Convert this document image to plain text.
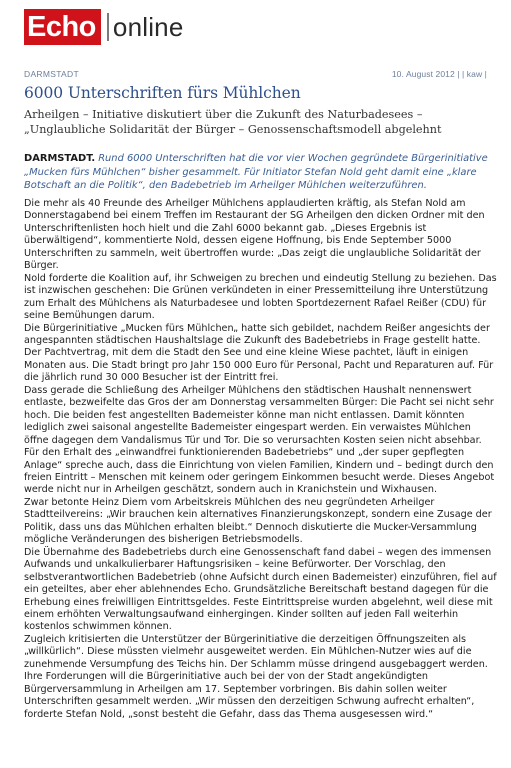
Echo online
DARMSTADT	10. August 2012 | | kaw |
6000 Unterschriften fürs Mühlchen
Arheilgen – Initiative diskutiert über die Zukunft des Naturbadesees – „Unglaubliche Solidarität der Bürger – Genossenschaftsmodell abgelehnt
DARMSTADT. Rund 6000 Unterschriften hat die vor vier Wochen gegründete Bürgerinitiative „Mucken fürs Mühlchen“ bisher gesammelt. Für Initiator Stefan Nold geht damit eine „klare Botschaft an die Politik“, den Badebetrieb im Arheilger Mühlchen weiterzuführen.

Die mehr als 40 Freunde des Arheilger Mühlchens applaudierten kräftig, als Stefan Nold am Donnerstagabend bei einem Treffen im Restaurant der SG Arheilgen den dicken Ordner mit den Unterschriftenlisten hoch hielt und die Zahl 6000 bekannt gab. „Dieses Ergebnis ist überwältigend“, kommentierte Nold, dessen eigene Hoffnung, bis Ende September 5000 Unterschriften zu sammeln, weit übertroffen wurde: „Das zeigt die unglaubliche Solidarität der Bürger.

Nold forderte die Koalition auf, ihr Schweigen zu brechen und eindeutig Stellung zu beziehen. Das ist inzwischen geschehen: Die Grünen verkündeten in einer Pressemitteilung ihre Unterstützung zum Erhalt des Mühlchens als Naturbadesee und lobten Sportdezernent Rafael Reißer (CDU) für seine Bemühungen darum.

Die Bürgerinitiative „Mucken fürs Mühlchen„ hatte sich gebildet, nachdem Reißer angesichts der angespannten städtischen Haushaltslage die Zukunft des Badebetriebs in Frage gestellt hatte. Der Pachtvertrag, mit dem die Stadt den See und eine kleine Wiese pachtet, läuft in einigen Monaten aus. Die Stadt bringt pro Jahr 150 000 Euro für Personal, Pacht und Reparaturen auf. Für die jährlich rund 30 000 Besucher ist der Eintritt frei.

Dass gerade die Schließung des Arheilger Mühlchens den städtischen Haushalt nennenswert entlaste, bezweifelte das Gros der am Donnerstag versammelten Bürger: Die Pacht sei nicht sehr hoch. Die beiden fest angestellten Bademeister könne man nicht entlassen. Damit könnten lediglich zwei saisonal angestellte Bademeister eingespart werden. Ein verwaistes Mühlchen öffne dagegen dem Vandalismus Tür und Tor. Die so verursachten Kosten seien nicht absehbar.

Für den Erhalt des „einwandfrei funktionierenden Badebetriebs“ und „der super gepflegten Anlage“ spreche auch, dass die Einrichtung von vielen Familien, Kindern und – bedingt durch den freien Eintritt – Menschen mit keinem oder geringem Einkommen besucht werde. Dieses Angebot werde nicht nur in Arheilgen geschätzt, sondern auch in Kranichstein und Wixhausen.

Zwar betonte Heinz Diem vom Arbeitskreis Mühlchen des neu gegründeten Arheilger Stadtteilvereins: „Wir brauchen kein alternatives Finanzierungskonzept, sondern eine Zusage der Politik, dass uns das Mühlchen erhalten bleibt.“ Dennoch diskutierte die Mucker-Versammlung mögliche Veränderungen des bisherigen Betriebsmodells.

Die Übernahme des Badebetriebs durch eine Genossenschaft fand dabei – wegen des immensen Aufwands und unkalkulierbarer Haftungsrisiken – keine Befürworter. Der Vorschlag, den selbstverantwortlichen Badebetrieb (ohne Aufsicht durch einen Bademeister) einzuführen, fiel auf ein geteiltes, aber eher ablehnendes Echo. Grundsätzliche Bereitschaft bestand dagegen für die Erhebung eines freiwilligen Eintrittsgeldes. Feste Eintrittspreise wurden abgelehnt, weil diese mit einem erhöhten Verwaltungsaufwand einhergingen. Kinder sollten auf jeden Fall weiterhin kostenlos schwimmen können.

Zugleich kritisierten die Unterstützer der Bürgerinitiative die derzeitigen Öffnungszeiten als „willkürlich“. Diese müssten vielmehr ausgeweitet werden. Ein Mühlchen-Nutzer wies auf die zunehmende Versumpfung des Teichs hin. Der Schlamm müsse dringend ausgebaggert werden. Ihre Forderungen will die Bürgerinitiative auch bei der von der Stadt angekündigten Bürgerversammlung in Arheilgen am 17. September vorbringen. Bis dahin sollen weiter Unterschriften gesammelt werden. „Wir müssen den derzeitigen Schwung aufrecht erhalten“, forderte Stefan Nold, „sonst besteht die Gefahr, dass das Thema ausgesessen wird.“
